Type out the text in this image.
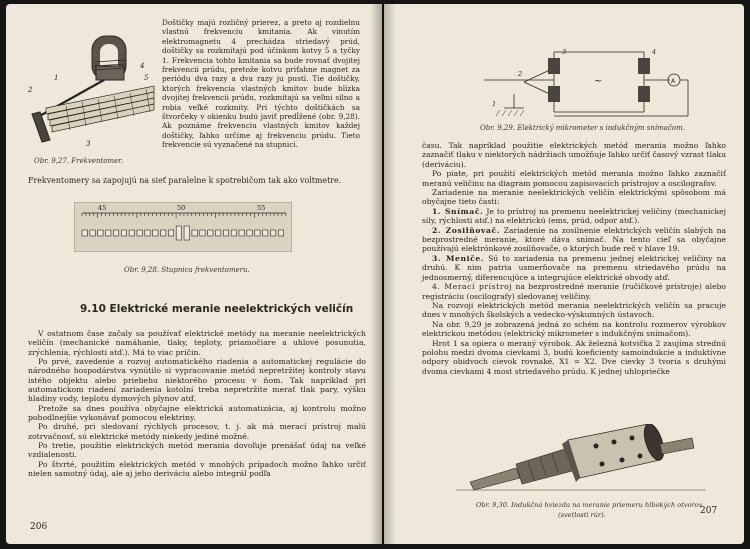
2
1
4
5
3
Obr. 9,27. Frekventomer.
Doštičky majú rozličný prierez, a preto aj rozdielnu vlastnú frekvenciu kmitania. Ak vinutím elektromagnetu 4 prechádza striedavý prúd, doštičky sa rozkmitajú pod účinkom kotvy 5 a tyčky 1. Frekvencia tohto kmitania sa bude rovnať dvojitej frekvencii prúdu, pretože kotvu priťahne magnet za periódu dva razy a dva razy ju pustí. Tie doštičky, ktorých frekvencia vlastných kmitov bude blízka dvojitej frekvencii prúdu, rozkmitajú sa veľmi silno a robia veľké rozkmity. Pri týchto doštičkách sa štvorčeky v okienku budú javiť predĺžené (obr. 9,28). Ak poznáme frekvenciu vlastných kmitov každej doštičky, ľahko určíme aj frekvenciu prúdu. Tieto frekvencie sú vyznačené na stupnici.
Frekventomery sa zapojujú na sieť paralelne k spotrebičom tak ako voltmetre.
45	50	55
Obr. 9,28. Stupnica frekventomeru.
9.10 Elektrické meranie neelektrických veličín

V ostatnom čase začaly sa používať elektrické metódy na meranie neelektrických veličín (mechanické namáhanie, tlaky, teploty, priamočiare a uhlové posunutia, zrýchlenia, rýchlosti atď.). Má to viac príčin.

Po prvé, zavedenie a rozvoj automatického riadenia a automatickej regulácie do národného hospodárstva vynútilo si vypracovanie metód nepretržitej kontroly stavu istého objektu alebo priebehu niektorého procesu v ňom. Tak napríklad pri automatickom riadení zariadenia kotolní treba nepretržite merať tlak pary, výšku hladiny vody, teplotu dymových plynov atď.

Pretože sa dnes používa obyčajne elektrická automatizácia, aj kontrolu možno pohodlnejšie vykonávať pomocou elektriny.

Po druhé, pri sledovaní rýchlych procesov, t. j. ak má merací prístroj malú zotrvačnosť, sú elektrické metódy niekedy jediné možné.

Po tretie, použitie elektrických metód merania dovoľuje prenášať údaj na veľké vzdialenosti.

Po štvrté, použitím elektrických metód v mnohých prípadoch možno ľahko určiť nielen samotný údaj, ale aj jeho deriváciu alebo integrál podľa

206
3
2
1
4
~	A
Obr. 9,29. Elektrický mikrometer s indukčným snímačom.

času. Tak napríklad použitie elektrických metód merania možno ľahko zaznačiť tlaku v niektorých nádržiach umožňuje ľahko určiť časový vzrast tlaku (deriváciu).

Po piate, pri použití elektrických metód merania možno ľahko zaznačiť meranú veličinu na diagram pomocou zapisovacích prístrojov a oscilografov.

Zariadenie na meranie neelektrických veličín elektrickými spôsobom má obyčajne tieto časti:

1. Snímač. Je to prístroj na premenu neelektrickej veličiny (mechanickej sily, rýchlosti atď.) na elektrickú (ems, prúd, odpor atď.).

2. Zosilňovač. Zariadenie na zosilnenie elektrických veličín slabých na bezprostredné meranie, ktoré dáva snímač. Na tento cieľ sa obyčajne používajú elektrónkové zosilňovače, o ktorých bude reč v hlave 19.

3. Meniče. Sú to zariadenia na premenu jednej elektrickej veličiny na druhú. K nim patria usmerňovače na premenu striedavého prúdu na jednosmerný, diferencujúce a integrujúce elektrické obvody atď.

4. Merací prístroj na bezprostredné meranie (ručičkové prístroje) alebo registráciu (oscilografy) sledovanej veličiny.

Na rozvoji elektrických metód merania neelektrických veličín sa pracuje dnes v mnohých školských a vedecko-výskumných ústavoch.

Na obr. 9,29 je zobrazená jedná zo schém na kontrolu rozmerov výrobkov elektrickou metódou (elektrický mikrometer s indukčným snímačom).

Hrot 1 sa opiera o meraný výrobok. Ak železná kotvička 2 zaujíma strednú polohu medzi dvoma cievkami 3, budú koeficienty samoindukcie a induktívne odpory obidvoch cievok rovnaké, X1 = X2. Dve cievky 3 tvoria s druhými dvoma cievkami 4 most striedavého prúdu. K jednej uhlopriečke

Obr. 9,30. Indukčná hviezda na meranie priemeru hlbokých otvorov
(svetlosti rúr).	207
